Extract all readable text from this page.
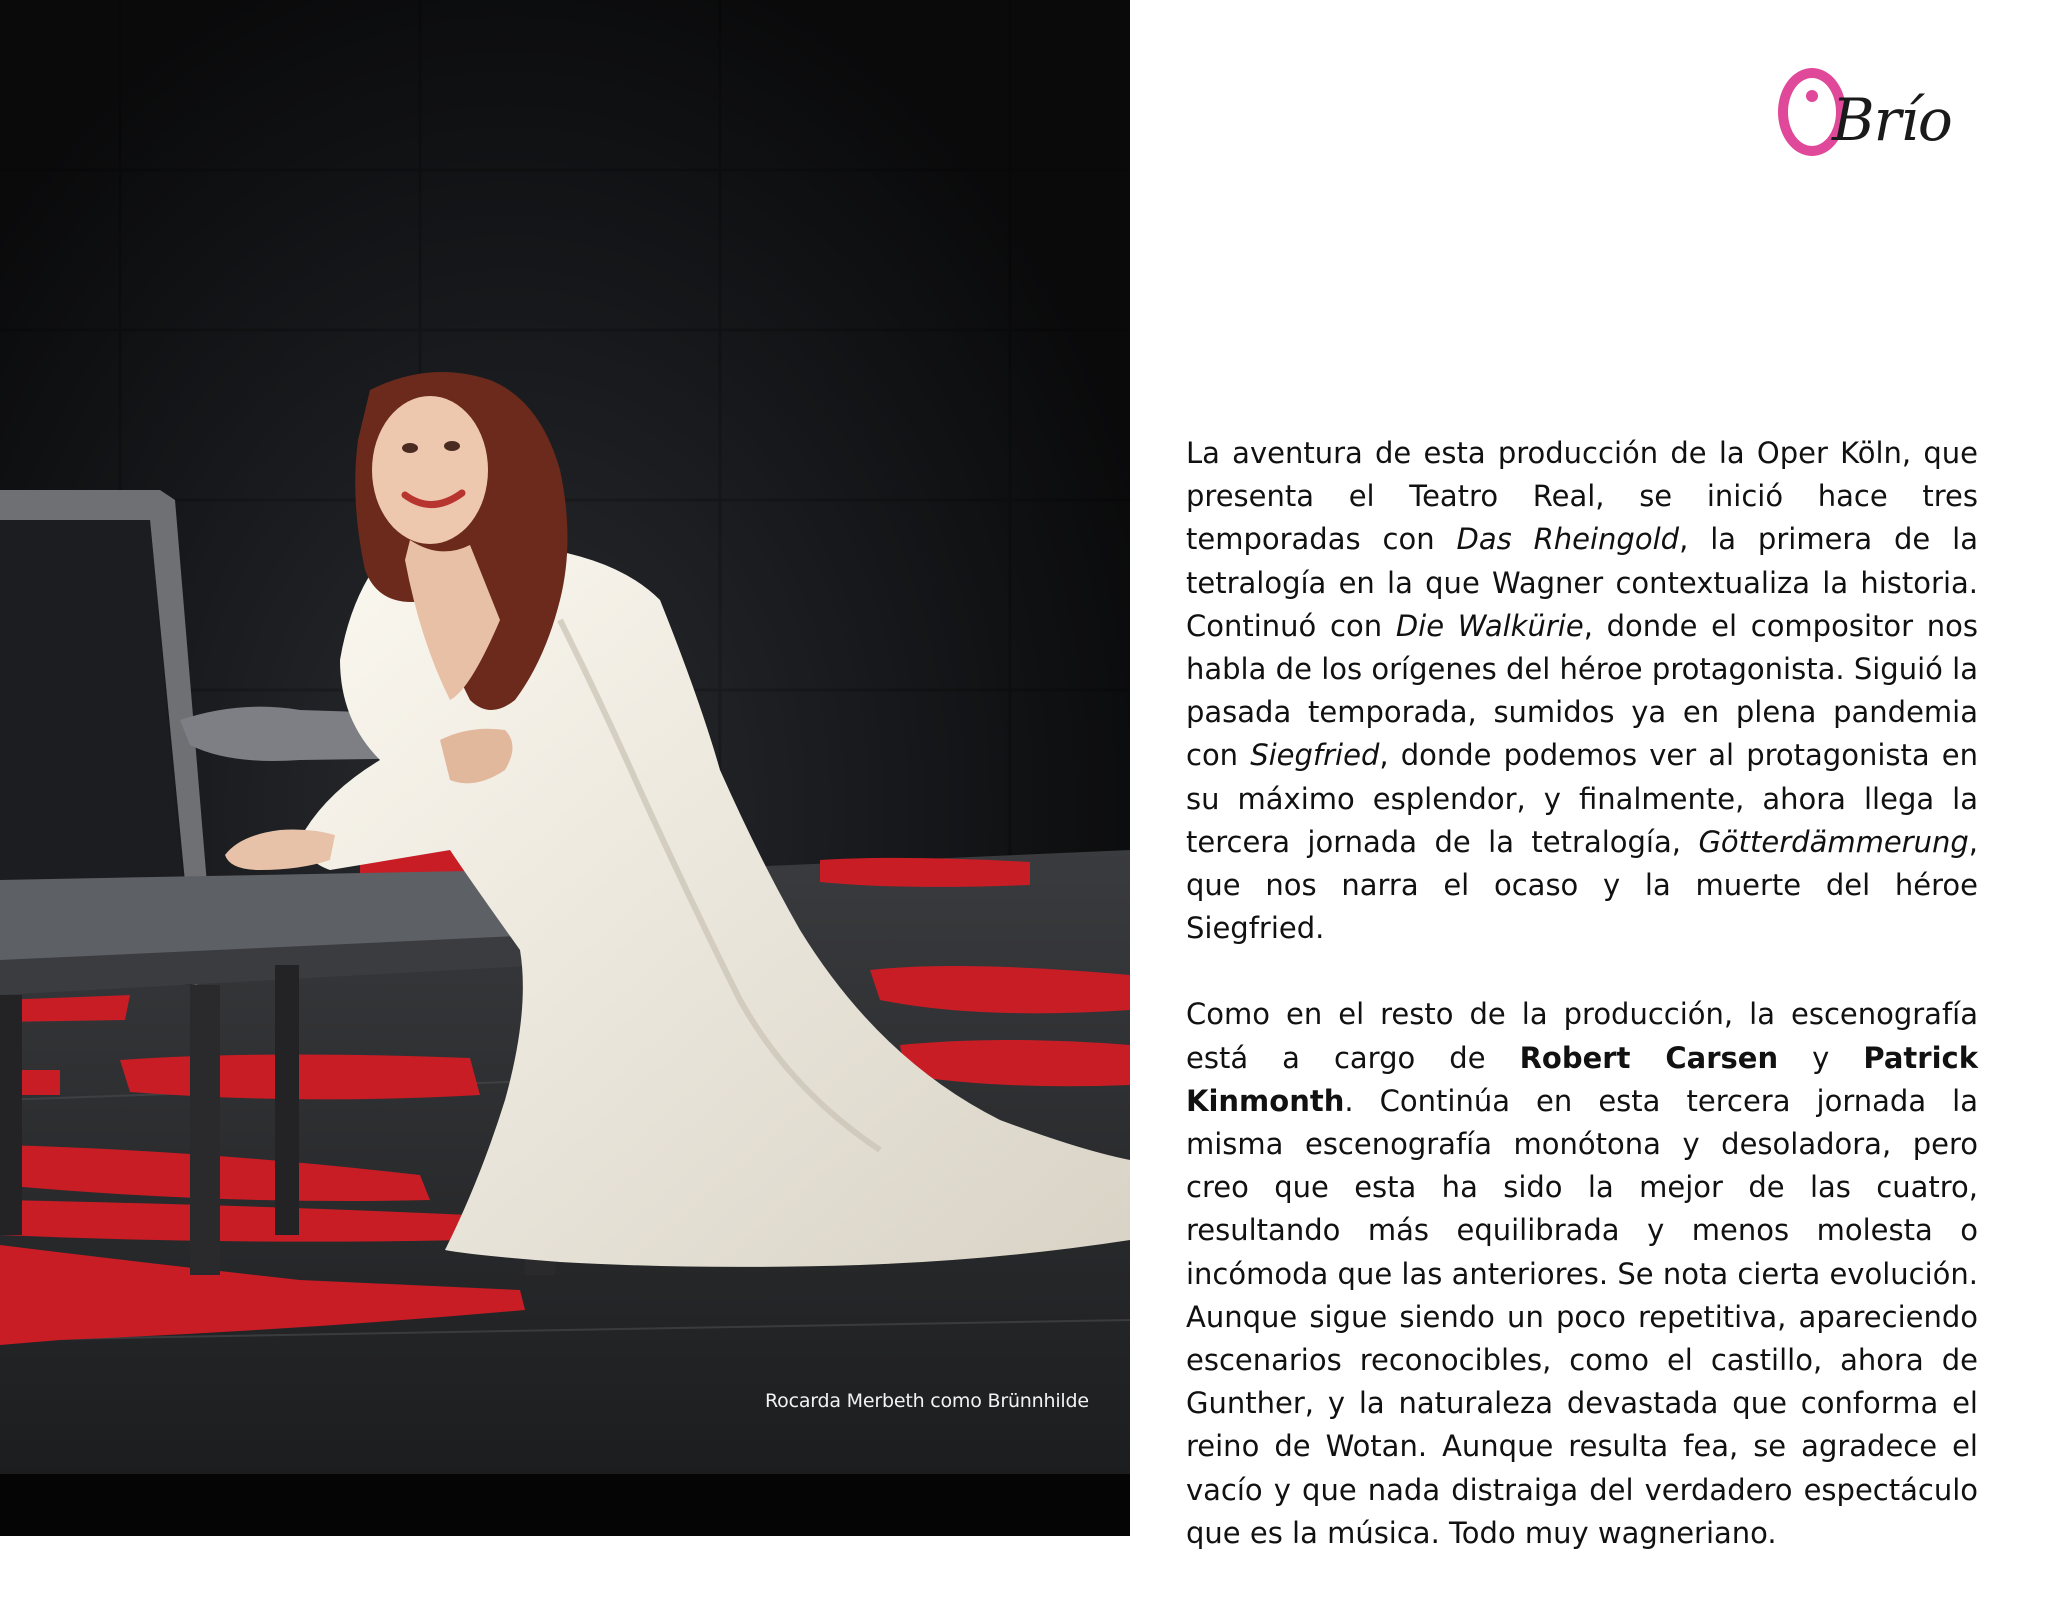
Rocarda Merbeth como Brünnhilde
Brío

La aventura de esta producción de la Oper Köln, que presenta el Teatro Real, se inició hace tres temporadas con Das Rheingold, la primera de la tetralogía en la que Wagner contextualiza la historia. Continuó con Die Walkürie, donde el compositor nos habla de los orígenes del héroe protagonista. Siguió la pasada temporada, sumidos ya en plena pandemia con Siegfried, donde podemos ver al protagonista en su máximo esplendor, y finalmente, ahora llega la tercera jornada de la tetralogía, Götterdämmerung, que nos narra el ocaso y la muerte del héroe Siegfried.

Como en el resto de la producción, la escenografía está a cargo de Robert Carsen y Patrick Kinmonth. Continúa en esta tercera jornada la misma escenografía monótona y desoladora, pero creo que esta ha sido la mejor de las cuatro, resultando más equilibrada y menos molesta o incómoda que las anteriores. Se nota cierta evolución. Aunque sigue siendo un poco repetitiva, apareciendo escenarios reconocibles, como el castillo, ahora de Gunther, y la naturaleza devastada que conforma el reino de Wotan. Aunque resulta fea, se agradece el vacío y que nada distraiga del verdadero espectáculo que es la música. Todo muy wagneriano.
